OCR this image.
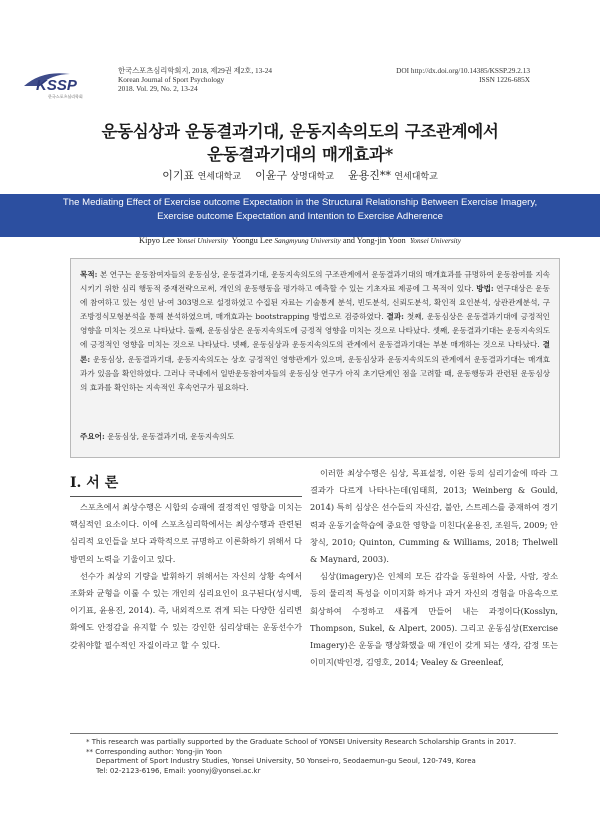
KSSP
한국스포츠심리학회
한국스포츠심리학회지, 2018, 제29권 제2호, 13-24
Korean Journal of Sport Psychology
2018. Vol. 29, No. 2, 13-24
DOI http://dx.doi.org/10.14385/KSSP.29.2.13
ISSN 1226-685X
운동심상과 운동결과기대, 운동지속의도의 구조관계에서
운동결과기대의 매개효과*
이기표 연세대학교 이윤구 상명대학교 윤용진** 연세대학교
The Mediating Effect of Exercise outcome Expectation in the Structural Relationship Between Exercise Imagery,
Exercise outcome Expectation and Intention to Exercise Adherence
Kipyo Lee Yonsei University Yoongu Lee Sangmyung University and Yong-jin Yoon Yonsei University
목적: 본 연구는 운동참여자들의 운동심상, 운동결과기대, 운동지속의도의 구조관계에서 운동결과기대의 매개효과를 규명하여 운동참여를 지속시키기 위한 심리 행동적 중재전략으로써, 개인의 운동행동을 평가하고 예측할 수 있는 기초자료 제공에 그 목적이 있다. 방법: 연구대상은 운동에 참여하고 있는 성인 남·여 303명으로 설정하였고 수집된 자료는 기술통계 분석, 빈도분석, 신뢰도분석, 확인적 요인분석, 상관관계분석, 구조방정식모형분석을 통해 분석하였으며, 매개효과는 bootstrapping 방법으로 검증하였다. 결과: 첫째, 운동심상은 운동결과기대에 긍정적인 영향을 미치는 것으로 나타났다. 둘째, 운동심상은 운동지속의도에 긍정적 영향을 미치는 것으로 나타났다. 셋째, 운동결과기대는 운동지속의도에 긍정적인 영향을 미치는 것으로 나타났다. 넷째, 운동심상과 운동지속의도의 관계에서 운동결과기대는 부분 매개하는 것으로 나타났다. 결론: 운동심상, 운동결과기대, 운동지속의도는 상호 긍정적인 영향관계가 있으며, 운동심상과 운동지속의도의 관계에서 운동결과기대는 매개효과가 있음을 확인하였다. 그러나 국내에서 일반운동참여자들의 운동심상 연구가 아직 초기단계인 점을 고려할 때, 운동행동과 관련된 운동심상의 효과를 확인하는 지속적인 후속연구가 필요하다.
주요어: 운동심상, 운동결과기대, 운동지속의도
I. 서 론

스포츠에서 최상수행은 시합의 승패에 결정적인 영향을 미치는 핵심적인 요소이다. 이에 스포츠심리학에서는 최상수행과 관련된 심리적 요인들을 보다 과학적으로 규명하고 이론화하기 위해서 다방면의 노력을 기울이고 있다.

선수가 최상의 기량을 발휘하기 위해서는 자신의 상황 속에서 조화와 균형을 이룰 수 있는 개인의 심리요인이 요구된다(성시백, 이기표, 윤용진, 2014). 즉, 내외적으로 겪게 되는 다양한 심리변화에도 안정감을 유지할 수 있는 강인한 심리상태는 운동선수가 갖춰야할 필수적인 자질이라고 할 수 있다.

이러한 최상수행은 심상, 목표설정, 이완 등의 심리기술에 따라 그 결과가 다르게 나타나는데(임태희, 2013; Weinberg & Gould, 2014) 특히 심상은 선수들의 자신감, 불안, 스트레스를 중재하여 경기력과 운동기술학습에 중요한 영향을 미친다(윤용진, 조원득, 2009; 안창식, 2010; Quinton, Cumming & Williams, 2018; Thelwell & Maynard, 2003).

심상(imagery)은 인체의 모든 감각을 동원하여 사물, 사람, 장소 등의 물리적 특성을 이미지화 하거나 과거 자신의 경험을 마음속으로 회상하여 수정하고 새롭게 만들어 내는 과정이다(Kosslyn, Thompson, Sukel, & Alpert, 2005). 그리고 운동심상(Exercise Imagery)은 운동을 행상화했을 때 개인이 갖게 되는 생각, 감정 또는 이미지(박인경, 김영호, 2014; Vealey & Greenleaf,

* This research was partially supported by the Graduate School of YONSEI University Research Scholarship Grants in 2017.
** Corresponding author: Yong-jin Yoon
Department of Sport Industry Studies, Yonsei University, 50 Yonsei-ro, Seodaemun-gu Seoul, 120-749, Korea
Tel: 02-2123-6196, Email: yoonyj@yonsei.ac.kr
